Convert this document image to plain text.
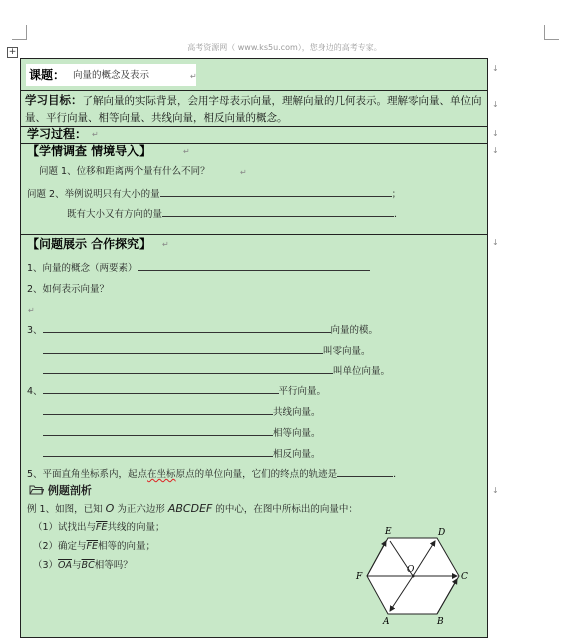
高考资源网（ www.ks5u.com），您身边的高考专家。
+
课题： 向量的概念及表示	↵
学习目标：了解向量的实际背景，会用字母表示向量，理解向量的几何表示。理解零向量、单位向量、平行向量、相等向量、共线向量，相反向量的概念。
学习过程： ↵
【学情调查 情境导入】	↵
问题 1、位移和距离两个量有什么不同？	↵
问题 2、举例说明只有大小的量	；
既有大小又有方向的量	．
【问题展示 合作探究】 ↵
1、向量的概念（两要素）
2、如何表示向量？
↵
3、	向量的模。
叫零向量。
叫单位向量。
4、	平行向量。
共线向量。
相等向量。
相反向量。
5、平面直角坐标系内，起点在坐标原点的单位向量，它们的终点的轨迹是	．
例题剖析
例 1、如图，已知 O 为正六边形 ABCDEF 的中心，在图中所标出的向量中：
（1）试找出与$\overline{FE}$共线的向量；
（2）确定与$\overline{FE}$相等的向量；
$(3)\overline{OA}$与$\overline{BC}$相等吗？
E	D
F
O
C
A	B
↓
↓
↓
↓
↓
↓
